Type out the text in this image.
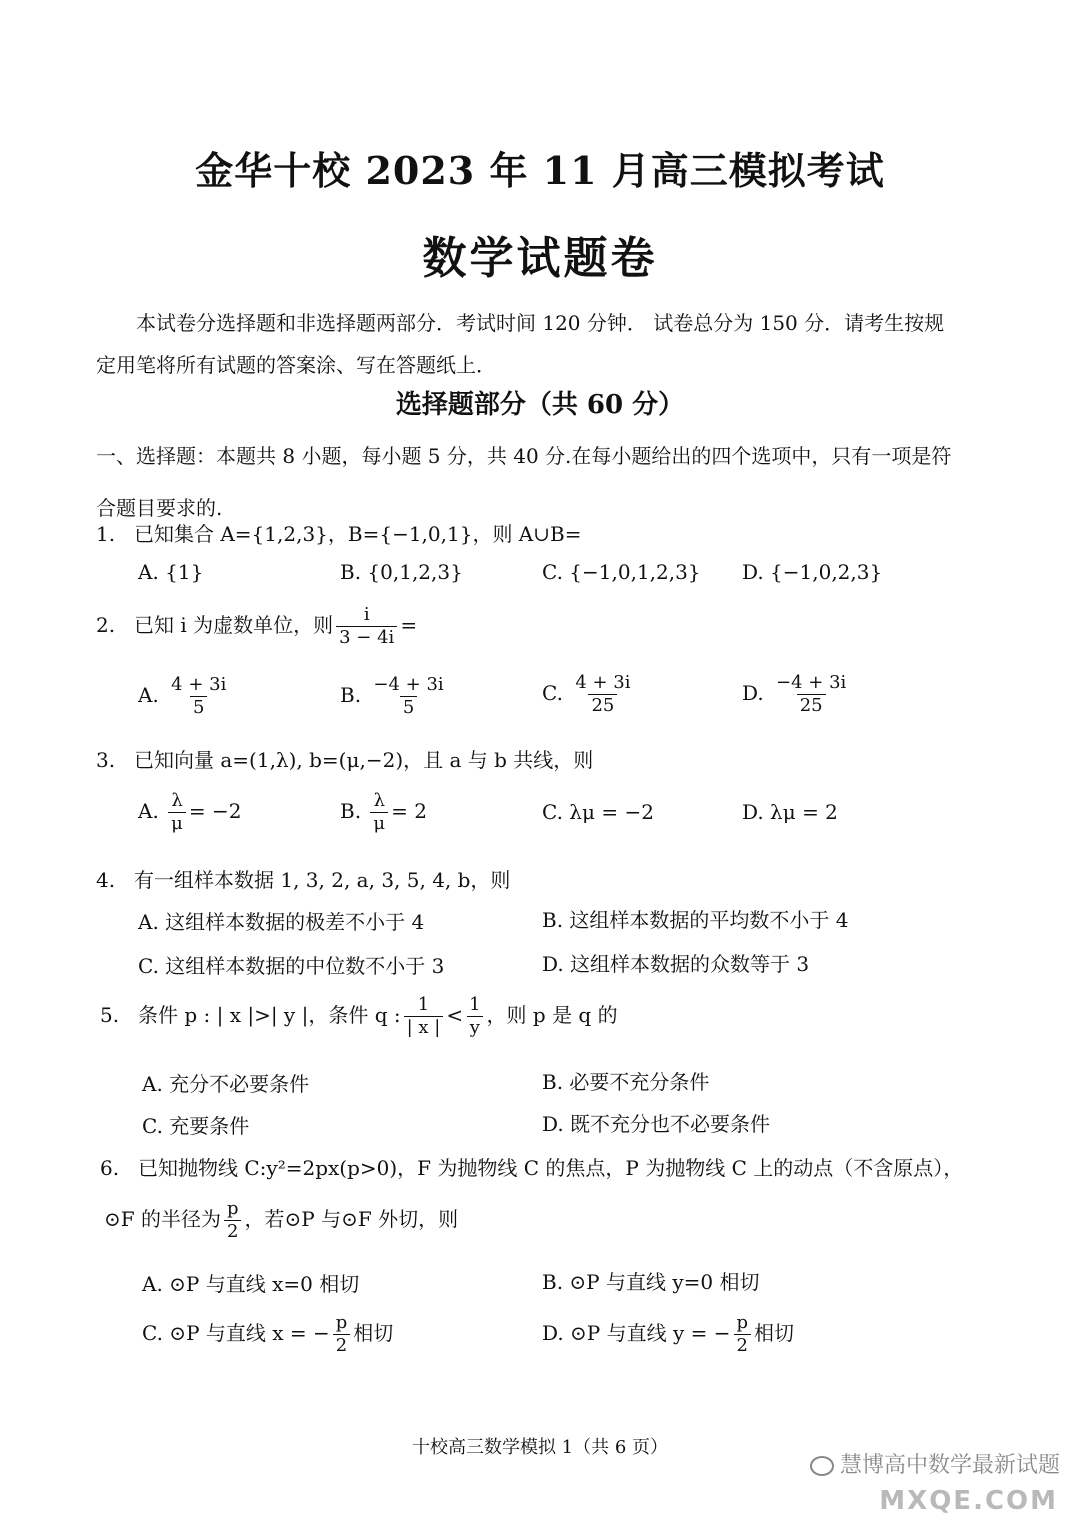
金华十校 2023 年 11 月高三模拟考试
数学试题卷
本试卷分选择题和非选择题两部分．考试时间 120 分钟． 试卷总分为 150 分．请考生按规定用笔将所有试题的答案涂、写在答题纸上．
选择题部分（共 60 分）
一、选择题：本题共 8 小题，每小题 5 分，共 40 分.在每小题给出的四个选项中，只有一项是符合题目要求的.
1. 已知集合 A={1,2,3}，B={−1,0,1}，则 A∪B=
A. {1}	B. {0,1,2,3}	C. {−1,0,1,2,3} D. {−1,0,2,3}
2. 已知 i 为虚数单位，则 $\frac{i}{3 - 4i}$ =
A. $\frac{4 + 3i}{5}$	B. $\frac{-4 + 3i}{5}$	C. $\frac{4 + 3i}{25}$	D. $\frac{-4 + 3i}{25}$
3. 已知向量 a=(1,λ), b=(μ,−2)，且 a 与 b 共线，则
A. $\frac{\lambda}{\mu} = -2$	B. $\frac{\lambda}{\mu} = 2$	C. λμ = −2	D. λμ = 2
4. 有一组样本数据 1, 3, 2, a, 3, 5, 4, b，则
A. 这组样本数据的极差不小于 4	B. 这组样本数据的平均数不小于 4
C. 这组样本数据的中位数不小于 3	D. 这组样本数据的众数等于 3
5. 条件 p : | x |>| y |，条件 q : $\frac{1}{| x |} < \frac{1}{y}$ ，则 p 是 q 的
A. 充分不必要条件	B. 必要不充分条件
C. 充要条件	D. 既不充分也不必要条件
6. 已知抛物线 C:y²=2px(p>0)，F 为抛物线 C 的焦点，P 为抛物线 C 上的动点（不含原点），
⊙F 的半径为 $\frac{p}{2}$ ，若⊙P 与⊙F 外切，则
A. ⊙P 与直线 x=0 相切	B. ⊙P 与直线 y=0 相切
C. ⊙P 与直线 x = − $\frac{p}{2}$ 相切	D. ⊙P 与直线 y = − $\frac{p}{2}$ 相切
十校高三数学模拟 1（共 6 页）
慧博高中数学最新试题
MXQE.COM
